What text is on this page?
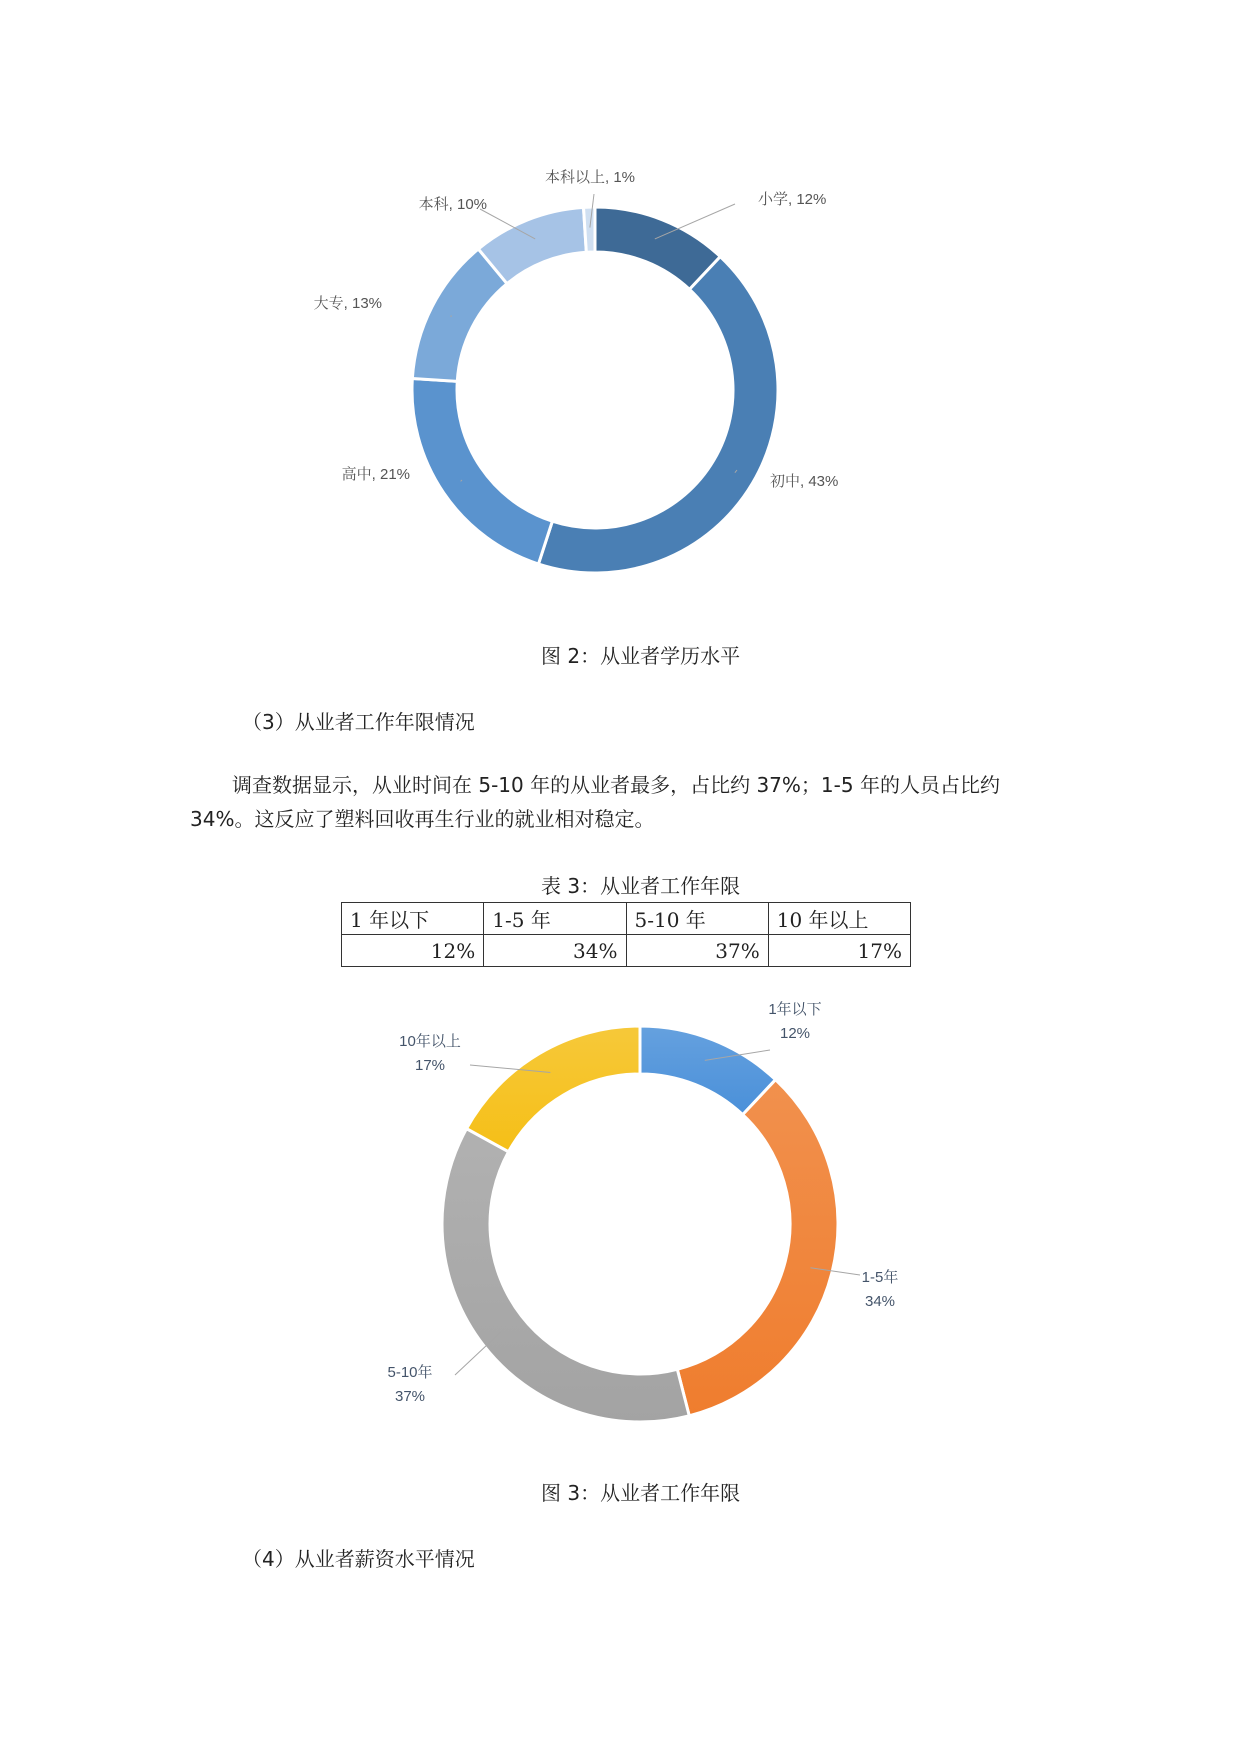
小学, 12%
初中, 43%
高中, 21%
大专, 13%
本科, 10%
本科以上, 1%
图 2：从业者学历水平
（3）从业者工作年限情况

调查数据显示，从业时间在 5-10 年的从业者最多，占比约 37%；1-5 年的人员占比约

34%。这反应了塑料回收再生行业的就业相对稳定。

表 3：从业者工作年限
1 年以下	1-5 年	5-10 年	10 年以上
12%	34%	37%	17%
1年以下
12%
1-5年
34%
5-10年
37%
10年以上
17%
图 3：从业者工作年限
（4）从业者薪资水平情况
